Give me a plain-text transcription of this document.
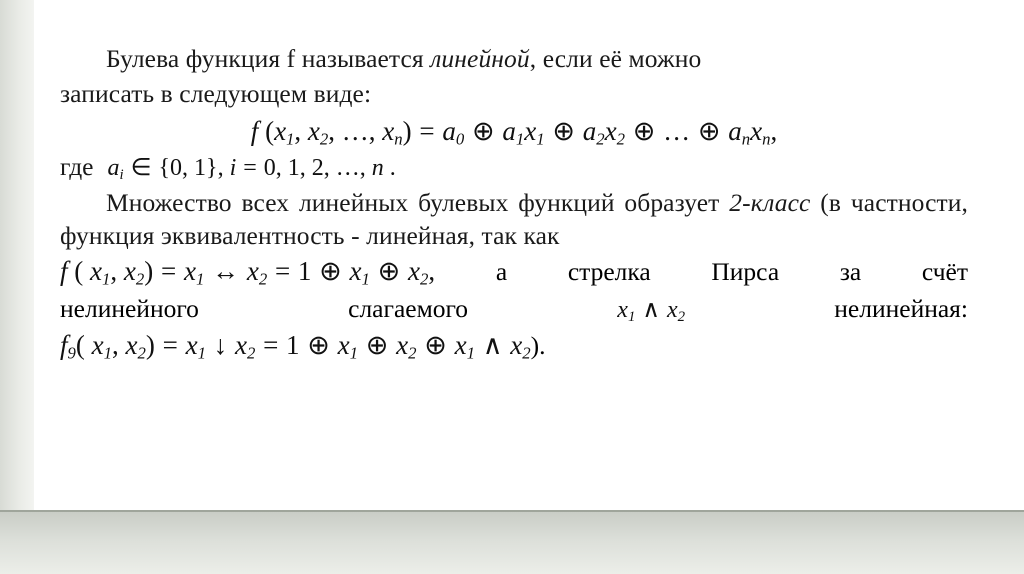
Булева функция f называется линейной, если её можно

записать в следующем виде:

f ($x_1$, $x_2$, …, $x_n) = a_0$ ⊕ $a_1x_1$ ⊕ $a_2x_2$ ⊕ … ⊕ $a_nx_n$,
где $a_i$ ∈ {0, 1}, i = 0, 1, 2, …, n .

Множество всех линейных булевых функций образует 2-класс (в частности, функция эквивалентность - линейная, так как

f ( $x_1$, $x_2) = x_1$ ↔ $x_2 = 1$ ⊕ $x_1$ ⊕ $x_2$, а стрелка Пирса за счёт
нелинейного	слагаемого	$x_1$ ∧ $x_2$	нелинейная:
$f_9$( $x_1$, $x_2) = x_1$ ↓ $x_2 = 1$ ⊕ $x_1$ ⊕ $x_2$ ⊕ $x_1$ ∧ $x_2$).
